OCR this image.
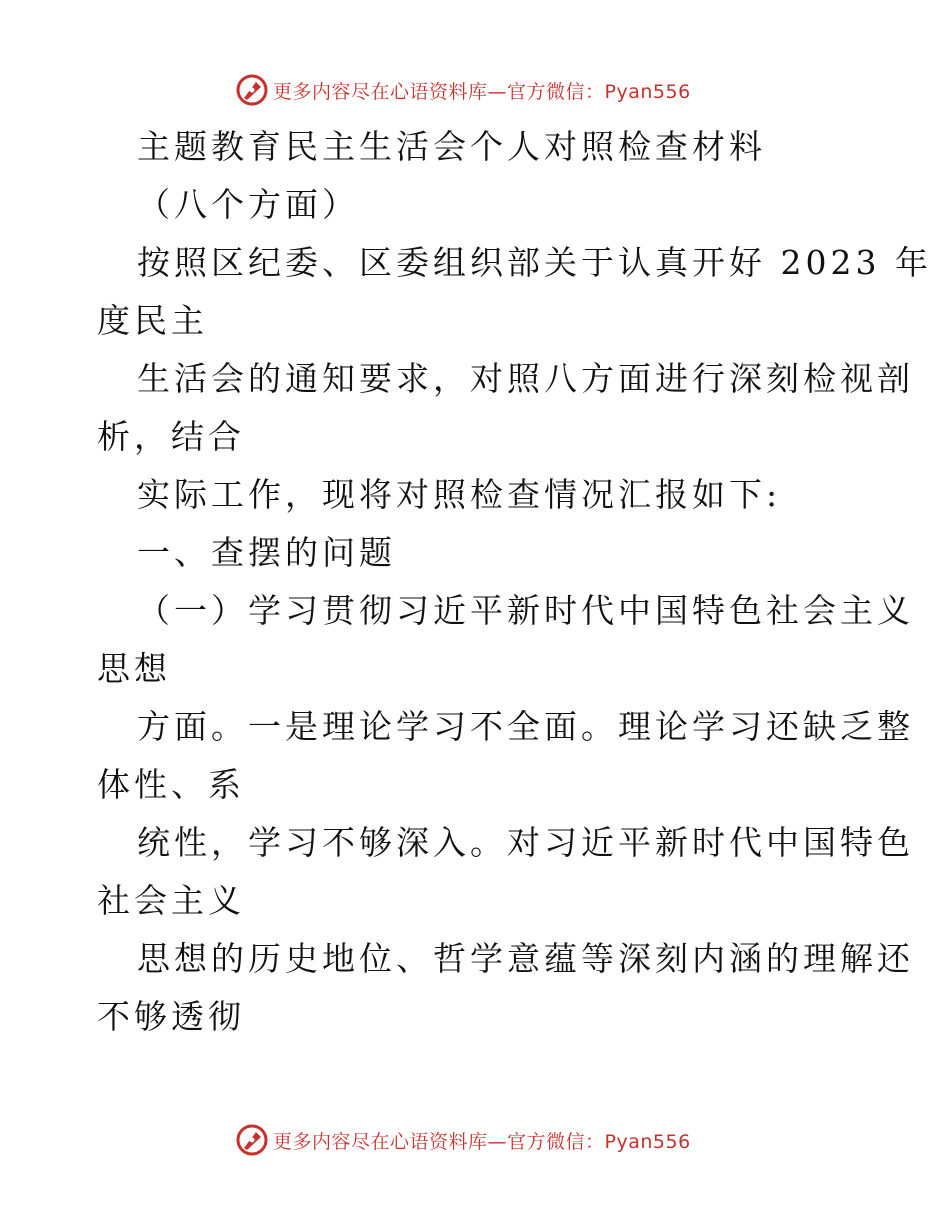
更多内容尽在心语资料库—官方微信：Pyan556
主题教育民主生活会个人对照检查材料
（八个方面）
按照区纪委、区委组织部关于认真开好 2023 年
度民主
生活会的通知要求，对照八方面进行深刻检视剖
析，结合
实际工作，现将对照检查情况汇报如下:
一、查摆的问题
（一）学习贯彻习近平新时代中国特色社会主义
思想
方面。一是理论学习不全面。理论学习还缺乏整
体性、系
统性，学习不够深入。对习近平新时代中国特色
社会主义
思想的历史地位、哲学意蕴等深刻内涵的理解还
不够透彻
更多内容尽在心语资料库—官方微信：Pyan556
